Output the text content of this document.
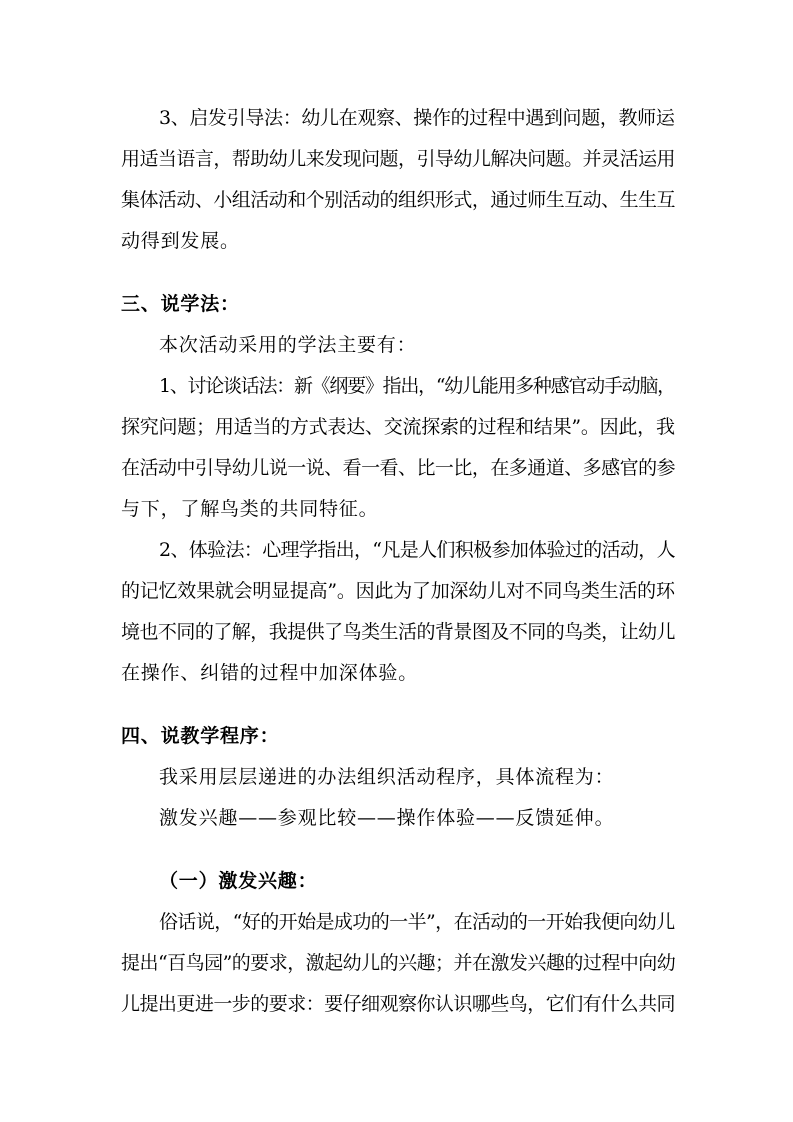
3、启发引导法：幼儿在观察、操作的过程中遇到问题，教师运
用适当语言，帮助幼儿来发现问题，引导幼儿解决问题。并灵活运用
集体活动、小组活动和个别活动的组织形式，通过师生互动、生生互
动得到发展。
三、说学法：
本次活动采用的学法主要有：
1、讨论谈话法：新《纲要》指出，“幼儿能用多种感官动手动脑，
探究问题；用适当的方式表达、交流探索的过程和结果”。因此，我
在活动中引导幼儿说一说、看一看、比一比，在多通道、多感官的参
与下，了解鸟类的共同特征。
2、体验法：心理学指出，“凡是人们积极参加体验过的活动，人
的记忆效果就会明显提高”。因此为了加深幼儿对不同鸟类生活的环
境也不同的了解，我提供了鸟类生活的背景图及不同的鸟类，让幼儿
在操作、纠错的过程中加深体验。
四、说教学程序：
我采用层层递进的办法组织活动程序，具体流程为：
激发兴趣——参观比较——操作体验——反馈延伸。
（一）激发兴趣：
俗话说，“好的开始是成功的一半”，在活动的一开始我便向幼儿
提出“百鸟园”的要求，激起幼儿的兴趣；并在激发兴趣的过程中向幼
儿提出更进一步的要求：要仔细观察你认识哪些鸟，它们有什么共同
